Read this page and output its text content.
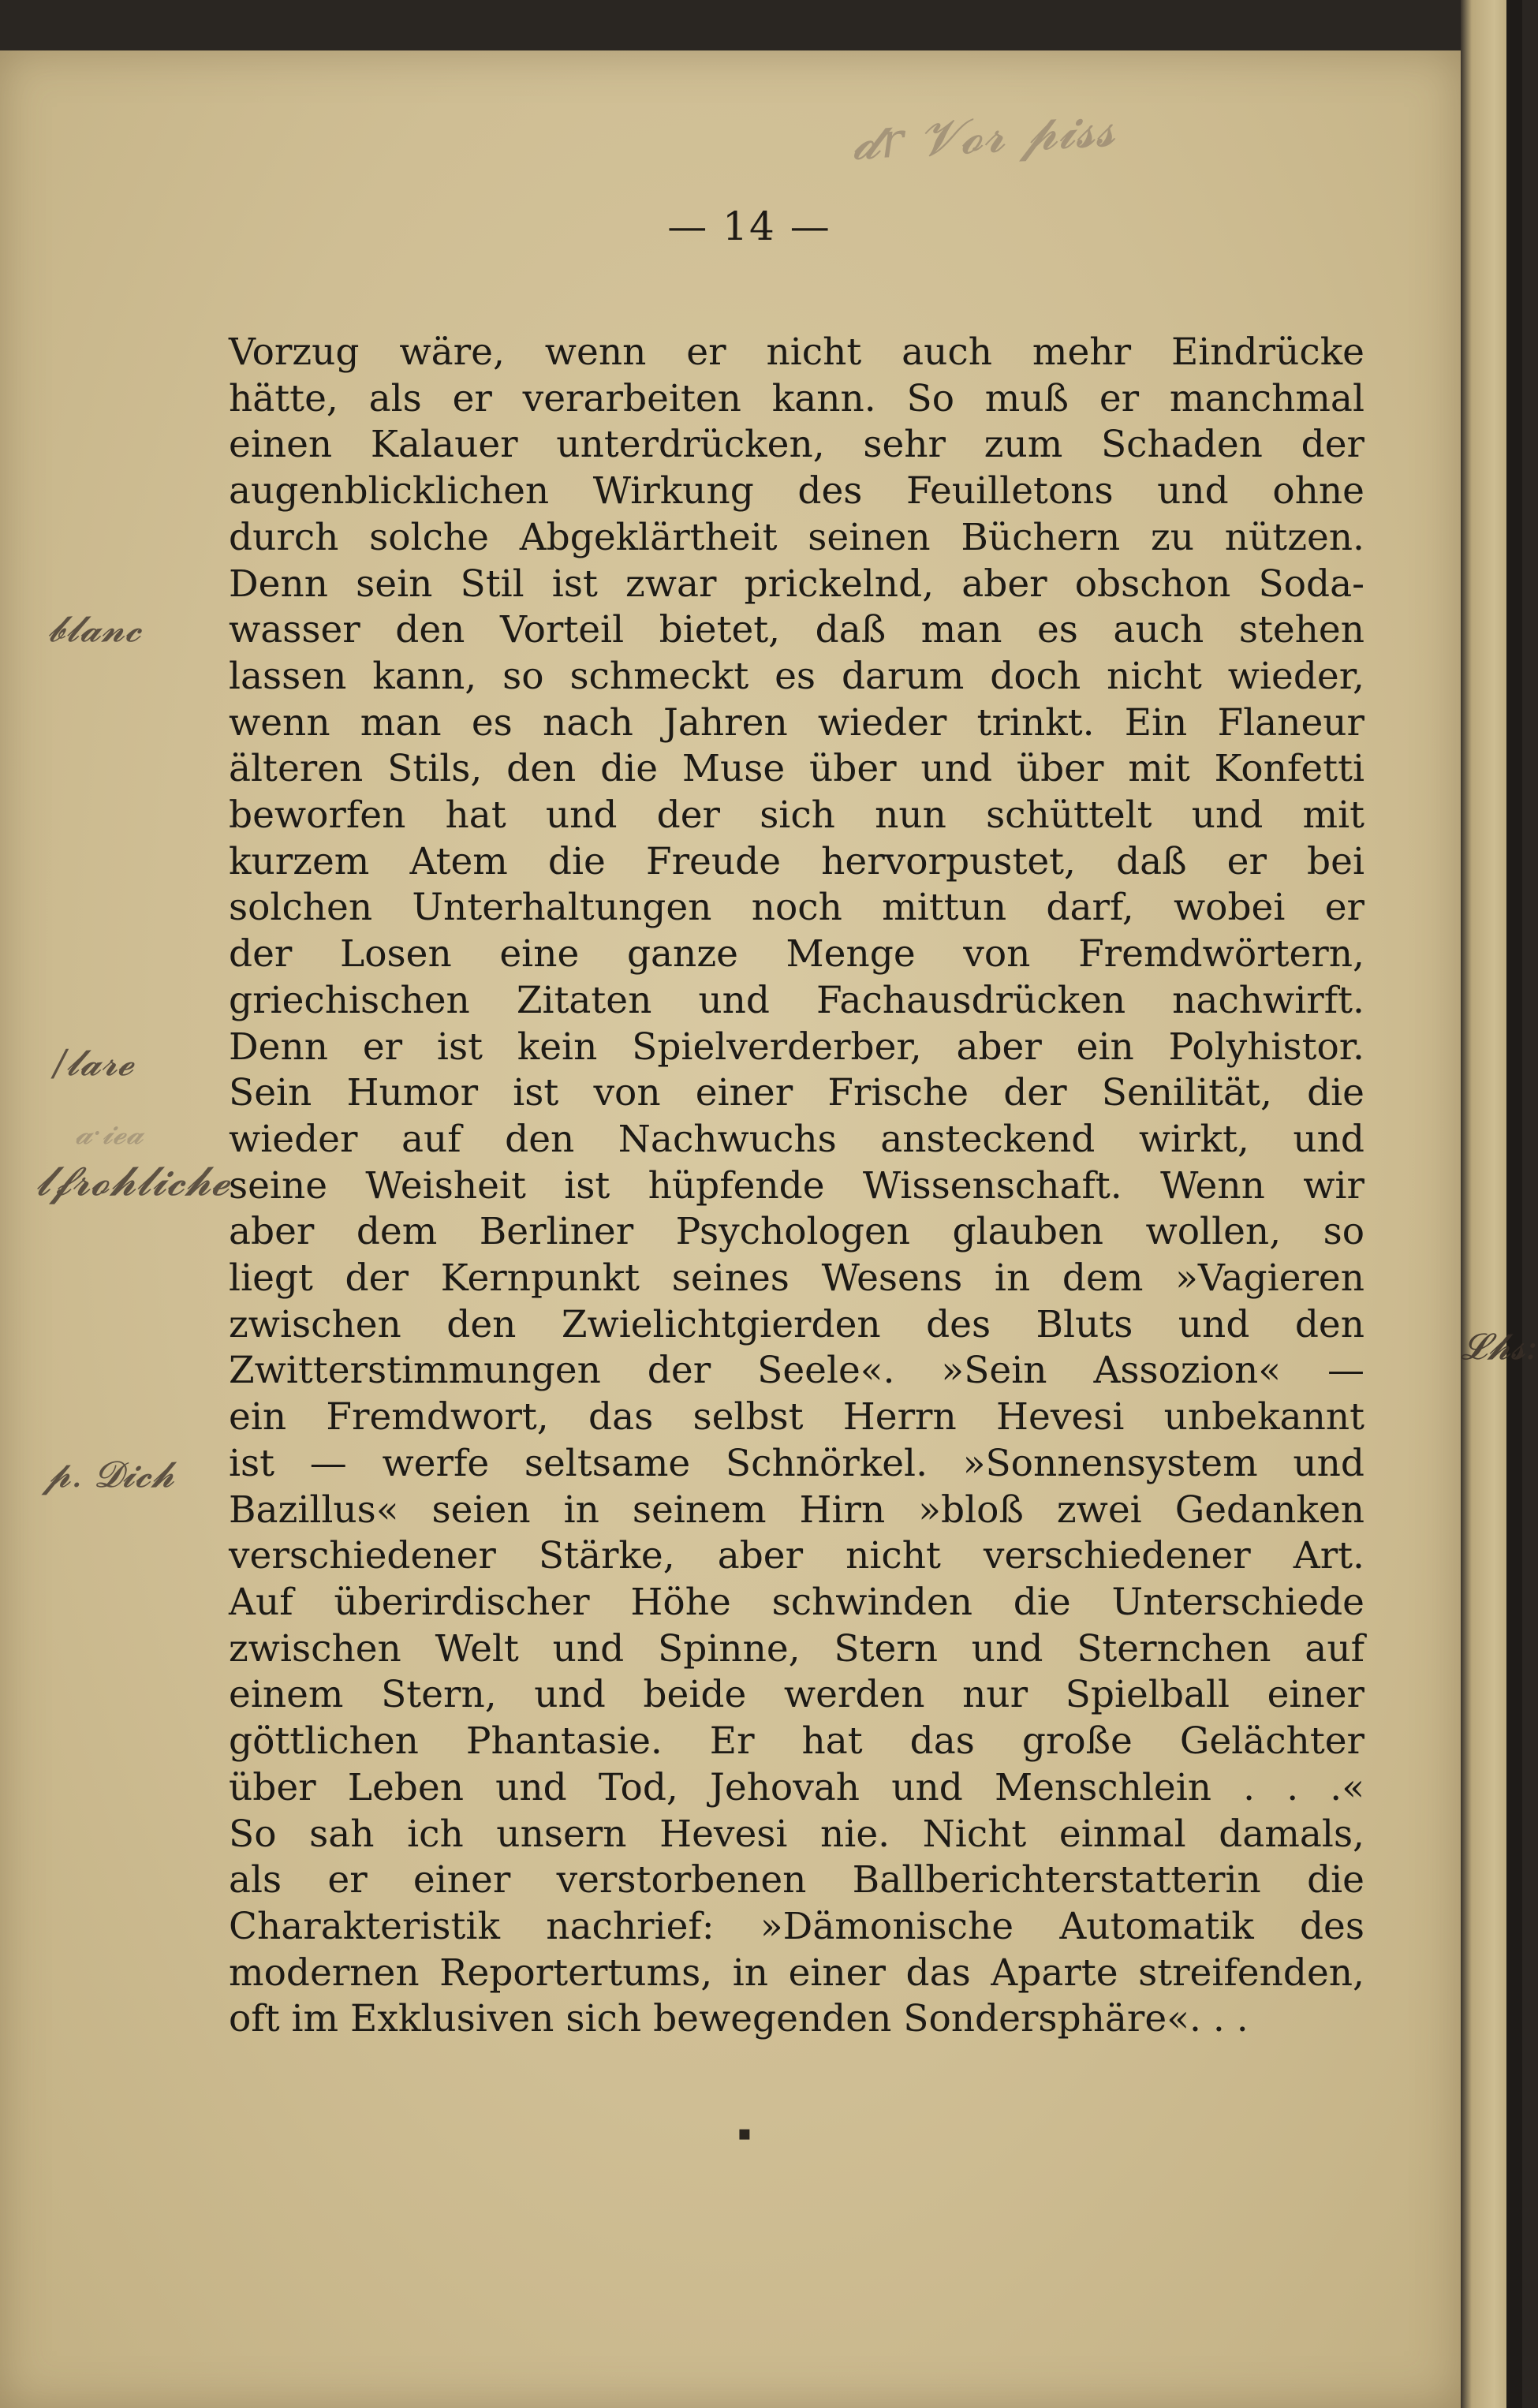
𝓭r 𝓥𝓸𝓻 𝓹𝓲𝓼𝓼
𝓫𝓵𝓪𝓷𝓬
/𝓵𝓪𝓻𝓮
𝓪·𝓲𝓮𝓪
𝓵𝓯𝓻𝓸𝓱𝓵𝓲𝓬𝓱𝓮
𝓹. 𝓓𝓲𝓬𝓱
𝓛𝓱𝓼:
— 14 —
Vorzug wäre, wenn er nicht auch mehr Eindrücke
hätte, als er verarbeiten kann. So muß er manchmal
einen Kalauer unterdrücken, sehr zum Schaden der
augenblicklichen Wirkung des Feuilletons und ohne
durch solche Abgeklärtheit seinen Büchern zu nützen.
Denn sein Stil ist zwar prickelnd, aber obschon Soda-
wasser den Vorteil bietet, daß man es auch stehen
lassen kann, so schmeckt es darum doch nicht wieder,
wenn man es nach Jahren wieder trinkt. Ein Flaneur
älteren Stils, den die Muse über und über mit Konfetti
beworfen hat und der sich nun schüttelt und mit
kurzem Atem die Freude hervorpustet, daß er bei
solchen Unterhaltungen noch mittun darf, wobei er
der Losen eine ganze Menge von Fremdwörtern,
griechischen Zitaten und Fachausdrücken nachwirft.
Denn er ist kein Spielverderber, aber ein Polyhistor.
Sein Humor ist von einer Frische der Senilität, die
wieder auf den Nachwuchs ansteckend wirkt, und
seine Weisheit ist hüpfende Wissenschaft. Wenn wir
aber dem Berliner Psychologen glauben wollen, so
liegt der Kernpunkt seines Wesens in dem »Vagieren
zwischen den Zwielichtgierden des Bluts und den
Zwitterstimmungen der Seele«. »Sein Assozion« —
ein Fremdwort, das selbst Herrn Hevesi unbekannt
ist — werfe seltsame Schnörkel. »Sonnensystem und
Bazillus« seien in seinem Hirn »bloß zwei Gedanken
verschiedener Stärke, aber nicht verschiedener Art.
Auf überirdischer Höhe schwinden die Unterschiede
zwischen Welt und Spinne, Stern und Sternchen auf
einem Stern, und beide werden nur Spielball einer
göttlichen Phantasie. Er hat das große Gelächter
über Leben und Tod, Jehovah und Menschlein . . .«
So sah ich unsern Hevesi nie. Nicht einmal damals,
als er einer verstorbenen Ballberichterstatterin die
Charakteristik nachrief: »Dämonische Automatik des
modernen Reportertums, in einer das Aparte streifenden,
oft im Exklusiven sich bewegenden Sondersphäre«. . .
▪
